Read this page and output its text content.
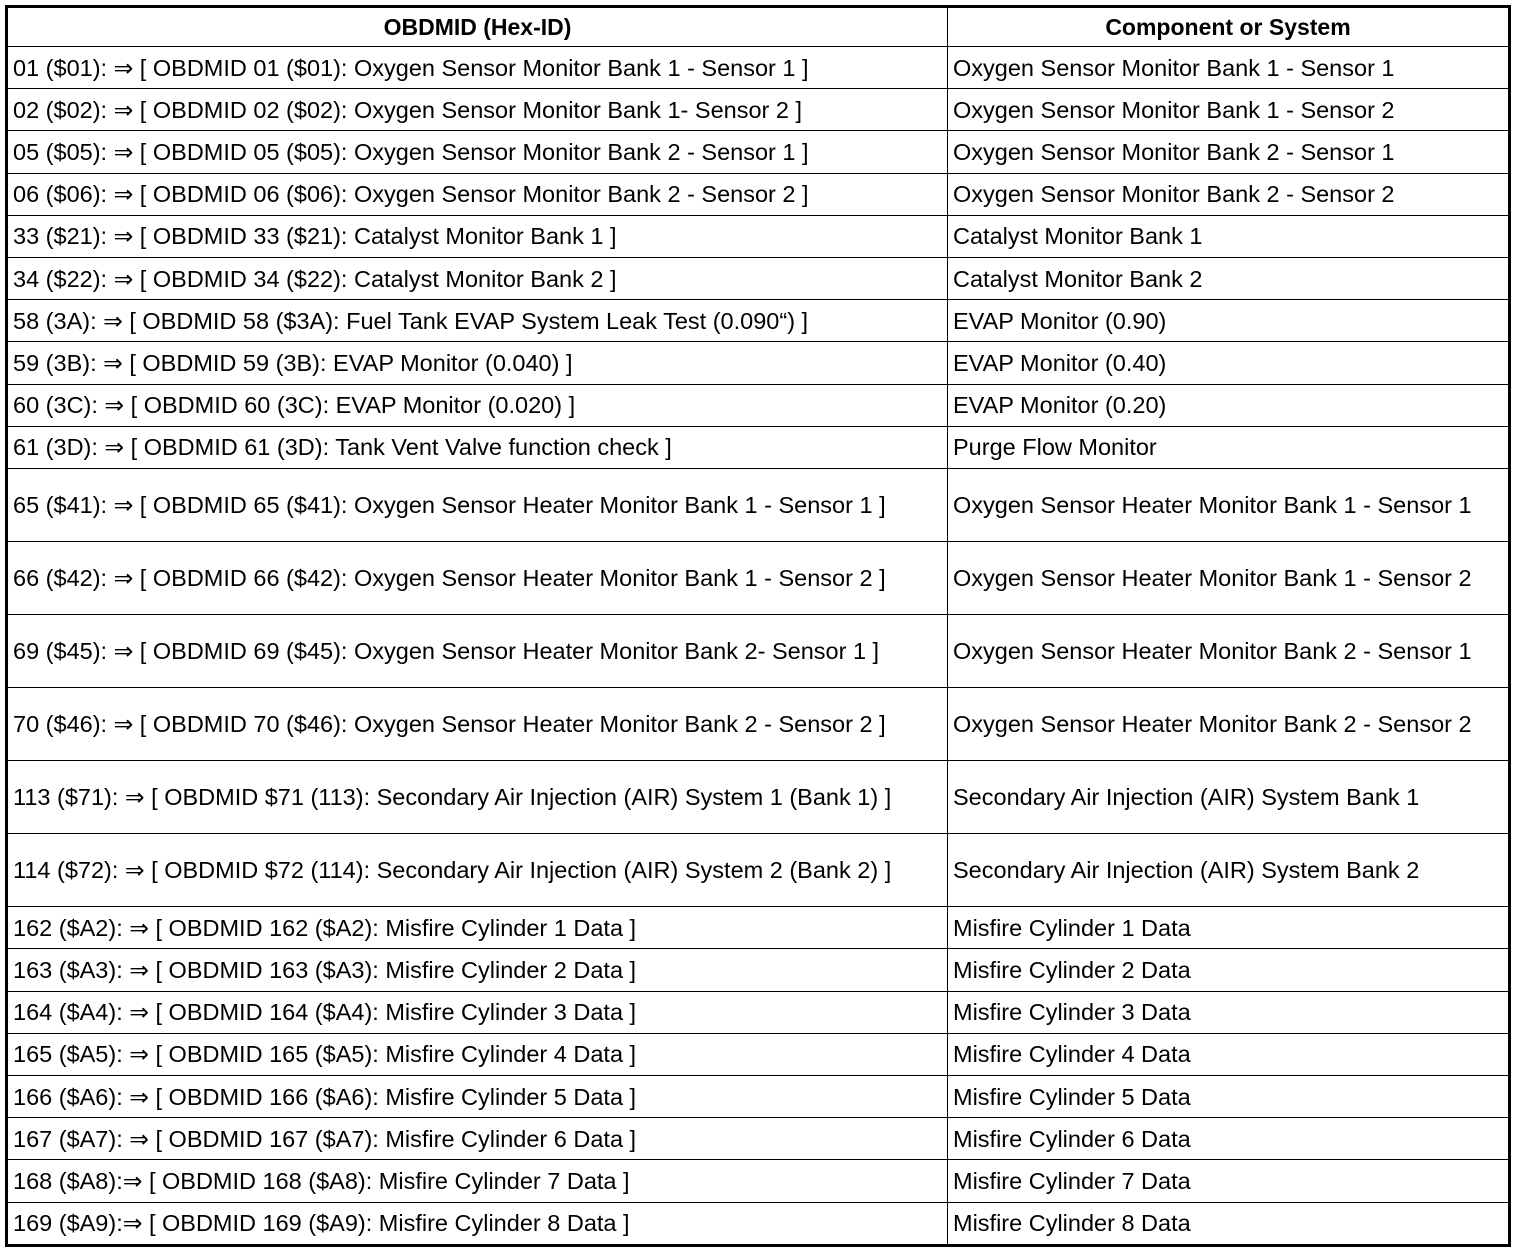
OBDMID (Hex-ID)	Component or System
01 ($01): ⇒ [ OBDMID 01 ($01): Oxygen Sensor Monitor Bank 1 - Sensor 1 ]	Oxygen Sensor Monitor Bank 1 - Sensor 1
02 ($02): ⇒ [ OBDMID 02 ($02): Oxygen Sensor Monitor Bank 1- Sensor 2 ]	Oxygen Sensor Monitor Bank 1 - Sensor 2
05 ($05): ⇒ [ OBDMID 05 ($05): Oxygen Sensor Monitor Bank 2 - Sensor 1 ]	Oxygen Sensor Monitor Bank 2 - Sensor 1
06 ($06): ⇒ [ OBDMID 06 ($06): Oxygen Sensor Monitor Bank 2 - Sensor 2 ]	Oxygen Sensor Monitor Bank 2 - Sensor 2
33 ($21): ⇒ [ OBDMID 33 ($21): Catalyst Monitor Bank 1 ]	Catalyst Monitor Bank 1
34 ($22): ⇒ [ OBDMID 34 ($22): Catalyst Monitor Bank 2 ]	Catalyst Monitor Bank 2
58 (3A): ⇒ [ OBDMID 58 ($3A): Fuel Tank EVAP System Leak Test (0.090“) ]	EVAP Monitor (0.90)
59 (3B): ⇒ [ OBDMID 59 (3B): EVAP Monitor (0.040) ]	EVAP Monitor (0.40)
60 (3C): ⇒ [ OBDMID 60 (3C): EVAP Monitor (0.020) ]	EVAP Monitor (0.20)
61 (3D): ⇒ [ OBDMID 61 (3D): Tank Vent Valve function check ]	Purge Flow Monitor
65 ($41): ⇒ [ OBDMID 65 ($41): Oxygen Sensor Heater Monitor Bank 1 - Sensor 1 ]	Oxygen Sensor Heater Monitor Bank 1 - Sensor 1
66 ($42): ⇒ [ OBDMID 66 ($42): Oxygen Sensor Heater Monitor Bank 1 - Sensor 2 ]	Oxygen Sensor Heater Monitor Bank 1 - Sensor 2
69 ($45): ⇒ [ OBDMID 69 ($45): Oxygen Sensor Heater Monitor Bank 2- Sensor 1 ]	Oxygen Sensor Heater Monitor Bank 2 - Sensor 1
70 ($46): ⇒ [ OBDMID 70 ($46): Oxygen Sensor Heater Monitor Bank 2 - Sensor 2 ]	Oxygen Sensor Heater Monitor Bank 2 - Sensor 2
113 ($71): ⇒ [ OBDMID $71 (113): Secondary Air Injection (AIR) System 1 (Bank 1) ]	Secondary Air Injection (AIR) System Bank 1
114 ($72): ⇒ [ OBDMID $72 (114): Secondary Air Injection (AIR) System 2 (Bank 2) ]	Secondary Air Injection (AIR) System Bank 2
162 ($A2): ⇒ [ OBDMID 162 ($A2): Misfire Cylinder 1 Data ]	Misfire Cylinder 1 Data
163 ($A3): ⇒ [ OBDMID 163 ($A3): Misfire Cylinder 2 Data ]	Misfire Cylinder 2 Data
164 ($A4): ⇒ [ OBDMID 164 ($A4): Misfire Cylinder 3 Data ]	Misfire Cylinder 3 Data
165 ($A5): ⇒ [ OBDMID 165 ($A5): Misfire Cylinder 4 Data ]	Misfire Cylinder 4 Data
166 ($A6): ⇒ [ OBDMID 166 ($A6): Misfire Cylinder 5 Data ]	Misfire Cylinder 5 Data
167 ($A7): ⇒ [ OBDMID 167 ($A7): Misfire Cylinder 6 Data ]	Misfire Cylinder 6 Data
168 ($A8):⇒ [ OBDMID 168 ($A8): Misfire Cylinder 7 Data ]	Misfire Cylinder 7 Data
169 ($A9):⇒ [ OBDMID 169 ($A9): Misfire Cylinder 8 Data ]	Misfire Cylinder 8 Data
